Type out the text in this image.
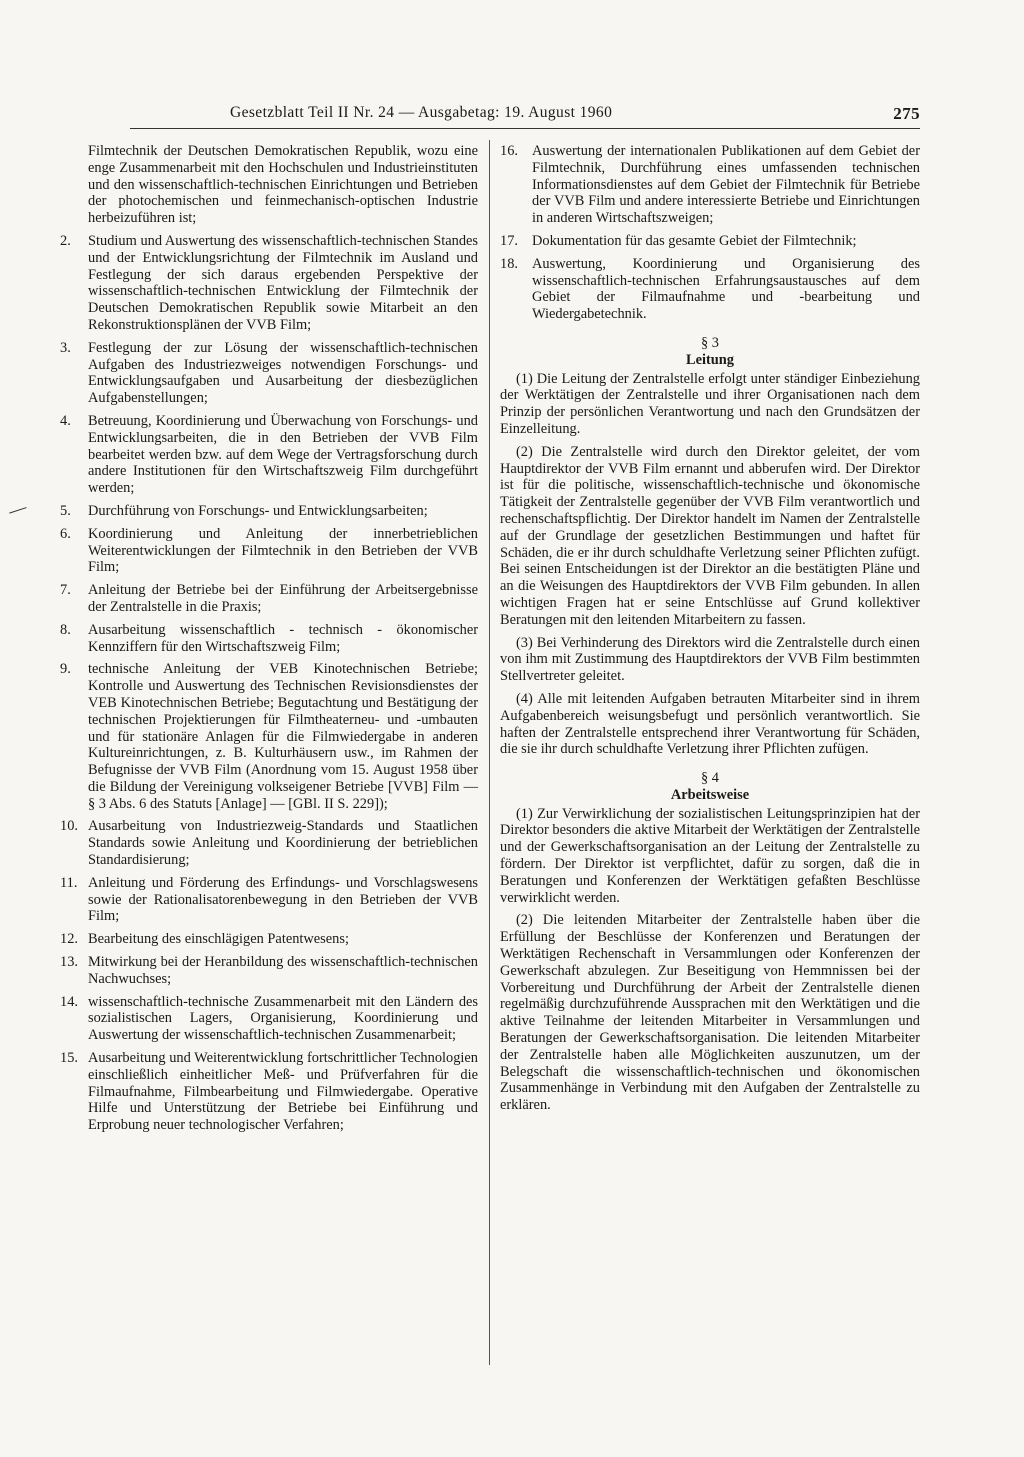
Gesetzblatt Teil II Nr. 24 — Ausgabetag: 19. August 1960	275
Filmtechnik der Deutschen Demokratischen Republik, wozu eine enge Zusammenarbeit mit den Hochschulen und Industrieinstituten und den wissenschaftlich-technischen Einrichtungen und Betrieben der photochemischen und feinmechanisch-optischen Industrie herbeizuführen ist;
2.	Studium und Auswertung des wissenschaftlich-technischen Standes und der Entwicklungsrichtung der Filmtechnik im Ausland und Festlegung der sich daraus ergebenden Perspektive der wissenschaftlich-technischen Entwicklung der Filmtechnik der Deutschen Demokratischen Republik sowie Mitarbeit an den Rekonstruktionsplänen der VVB Film;
3.	Festlegung der zur Lösung der wissenschaftlich-technischen Aufgaben des Industriezweiges notwendigen Forschungs- und Entwicklungsaufgaben und Ausarbeitung der diesbezüglichen Aufgabenstellungen;
4.	Betreuung, Koordinierung und Überwachung von Forschungs- und Entwicklungsarbeiten, die in den Betrieben der VVB Film bearbeitet werden bzw. auf dem Wege der Vertragsforschung durch andere Institutionen für den Wirtschaftszweig Film durchgeführt werden;
5.	Durchführung von Forschungs- und Entwicklungsarbeiten;
6.	Koordinierung und Anleitung der innerbetrieblichen Weiterentwicklungen der Filmtechnik in den Betrieben der VVB Film;
7.	Anleitung der Betriebe bei der Einführung der Arbeitsergebnisse der Zentralstelle in die Praxis;
8.	Ausarbeitung wissenschaftlich - technisch - ökonomischer Kennziffern für den Wirtschaftszweig Film;
9.	technische Anleitung der VEB Kinotechnischen Betriebe; Kontrolle und Auswertung des Technischen Revisionsdienstes der VEB Kinotechnischen Betriebe; Begutachtung und Bestätigung der technischen Projektierungen für Filmtheaterneu- und -umbauten und für stationäre Anlagen für die Filmwiedergabe in anderen Kultureinrichtungen, z. B. Kulturhäusern usw., im Rahmen der Befugnisse der VVB Film (Anordnung vom 15. August 1958 über die Bildung der Vereinigung volkseigener Betriebe [VVB] Film — § 3 Abs. 6 des Statuts [Anlage] — [GBl. II S. 229]);
10. Ausarbeitung von Industriezweig-Standards und Staatlichen Standards sowie Anleitung und Koordinierung der betrieblichen Standardisierung;
11. Anleitung und Förderung des Erfindungs- und Vorschlagswesens sowie der Rationalisatorenbewegung in den Betrieben der VVB Film;
12. Bearbeitung des einschlägigen Patentwesens;
13. Mitwirkung bei der Heranbildung des wissenschaftlich-technischen Nachwuchses;
14. wissenschaftlich-technische Zusammenarbeit mit den Ländern des sozialistischen Lagers, Organisierung, Koordinierung und Auswertung der wissenschaftlich-technischen Zusammenarbeit;
15. Ausarbeitung und Weiterentwicklung fortschrittlicher Technologien einschließlich einheitlicher Meß- und Prüfverfahren für die Filmaufnahme, Filmbearbeitung und Filmwiedergabe. Operative Hilfe und Unterstützung der Betriebe bei Einführung und Erprobung neuer technologischer Verfahren;
16. Auswertung der internationalen Publikationen auf dem Gebiet der Filmtechnik, Durchführung eines umfassenden technischen Informationsdienstes auf dem Gebiet der Filmtechnik für Betriebe der VVB Film und andere interessierte Betriebe und Einrichtungen in anderen Wirtschaftszweigen;
17. Dokumentation für das gesamte Gebiet der Filmtechnik;
18. Auswertung, Koordinierung und Organisierung des wissenschaftlich-technischen Erfahrungsaustausches auf dem Gebiet der Filmaufnahme und -bearbeitung und Wiedergabetechnik.
§ 3
Leitung
(1) Die Leitung der Zentralstelle erfolgt unter ständiger Einbeziehung der Werktätigen der Zentralstelle und ihrer Organisationen nach dem Prinzip der persönlichen Verantwortung und nach den Grundsätzen der Einzelleitung.
(2) Die Zentralstelle wird durch den Direktor geleitet, der vom Hauptdirektor der VVB Film ernannt und abberufen wird. Der Direktor ist für die politische, wissenschaftlich-technische und ökonomische Tätigkeit der Zentralstelle gegenüber der VVB Film verantwortlich und rechenschaftspflichtig. Der Direktor handelt im Namen der Zentralstelle auf der Grundlage der gesetzlichen Bestimmungen und haftet für Schäden, die er ihr durch schuldhafte Verletzung seiner Pflichten zufügt. Bei seinen Entscheidungen ist der Direktor an die bestätigten Pläne und an die Weisungen des Hauptdirektors der VVB Film gebunden. In allen wichtigen Fragen hat er seine Entschlüsse auf Grund kollektiver Beratungen mit den leitenden Mitarbeitern zu fassen.
(3) Bei Verhinderung des Direktors wird die Zentralstelle durch einen von ihm mit Zustimmung des Hauptdirektors der VVB Film bestimmten Stellvertreter geleitet.
(4) Alle mit leitenden Aufgaben betrauten Mitarbeiter sind in ihrem Aufgabenbereich weisungsbefugt und persönlich verantwortlich. Sie haften der Zentralstelle entsprechend ihrer Verantwortung für Schäden, die sie ihr durch schuldhafte Verletzung ihrer Pflichten zufügen.
§ 4
Arbeitsweise
(1) Zur Verwirklichung der sozialistischen Leitungsprinzipien hat der Direktor besonders die aktive Mitarbeit der Werktätigen der Zentralstelle und der Gewerkschaftsorganisation an der Leitung der Zentralstelle zu fördern. Der Direktor ist verpflichtet, dafür zu sorgen, daß die in Beratungen und Konferenzen der Werktätigen gefaßten Beschlüsse verwirklicht werden.
(2) Die leitenden Mitarbeiter der Zentralstelle haben über die Erfüllung der Beschlüsse der Konferenzen und Beratungen der Werktätigen Rechenschaft in Versammlungen oder Konferenzen der Gewerkschaft abzulegen. Zur Beseitigung von Hemmnissen bei der Vorbereitung und Durchführung der Arbeit der Zentralstelle dienen regelmäßig durchzuführende Aussprachen mit den Werktätigen und die aktive Teilnahme der leitenden Mitarbeiter in Versammlungen und Beratungen der Gewerkschaftsorganisation. Die leitenden Mitarbeiter der Zentralstelle haben alle Möglichkeiten auszunutzen, um der Belegschaft die wissenschaftlich-technischen und ökonomischen Zusammenhänge in Verbindung mit den Aufgaben der Zentralstelle zu erklären.
